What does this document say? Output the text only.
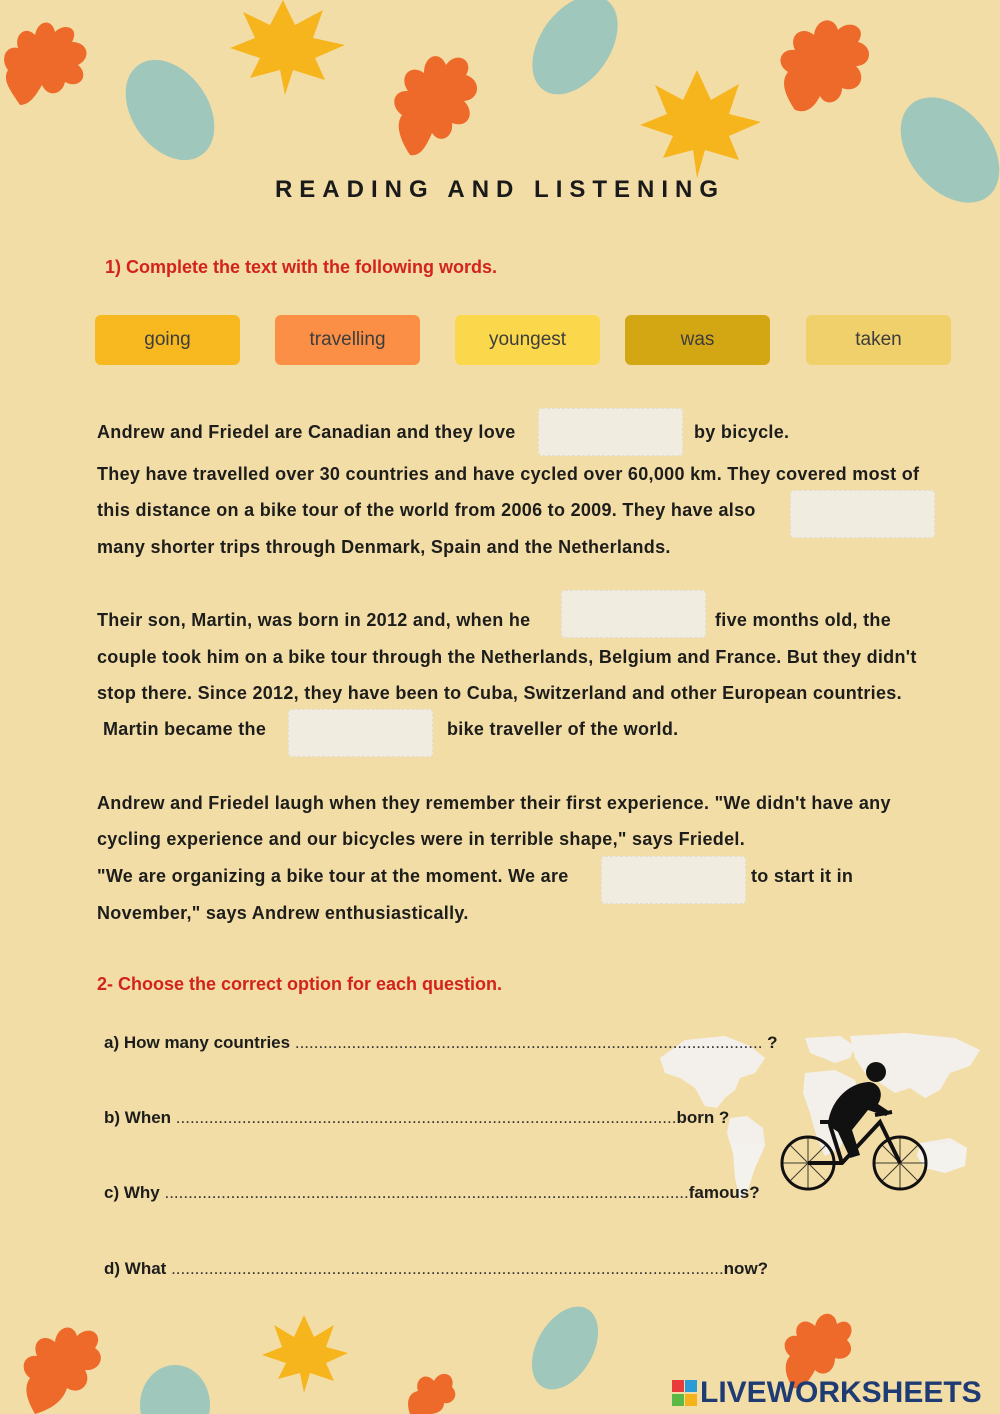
READING AND LISTENING
1) Complete the text with the following words.
going	travelling	youngest	was	taken
Andrew and Friedel are Canadian and they love	by bicycle.
They have travelled over 30 countries and have cycled over 60,000 km. They covered most of
this distance on a bike tour of the world from 2006 to 2009. They have also
many shorter trips through Denmark, Spain and the Netherlands.
Their son, Martin, was born in 2012 and, when he	five months old, the
couple took him on a bike tour through the Netherlands, Belgium and France. But they didn't
stop there. Since 2012, they have been to Cuba, Switzerland and other European countries.
Martin became the	bike traveller of the world.
Andrew and Friedel laugh when they remember their first experience. "We didn't have any
cycling experience and our bicycles were in terrible shape," says Friedel.
"We are organizing a bike tour at the moment. We are	to start it in
November," says Andrew enthusiastically.
2- Choose the correct option for each question.
a) How many countries ................................................................................................... ?
b) When ..........................................................................................................born ?
c) Why ...............................................................................................................famous?
d) What .....................................................................................................................now?
LIVEWORKSHEETS
